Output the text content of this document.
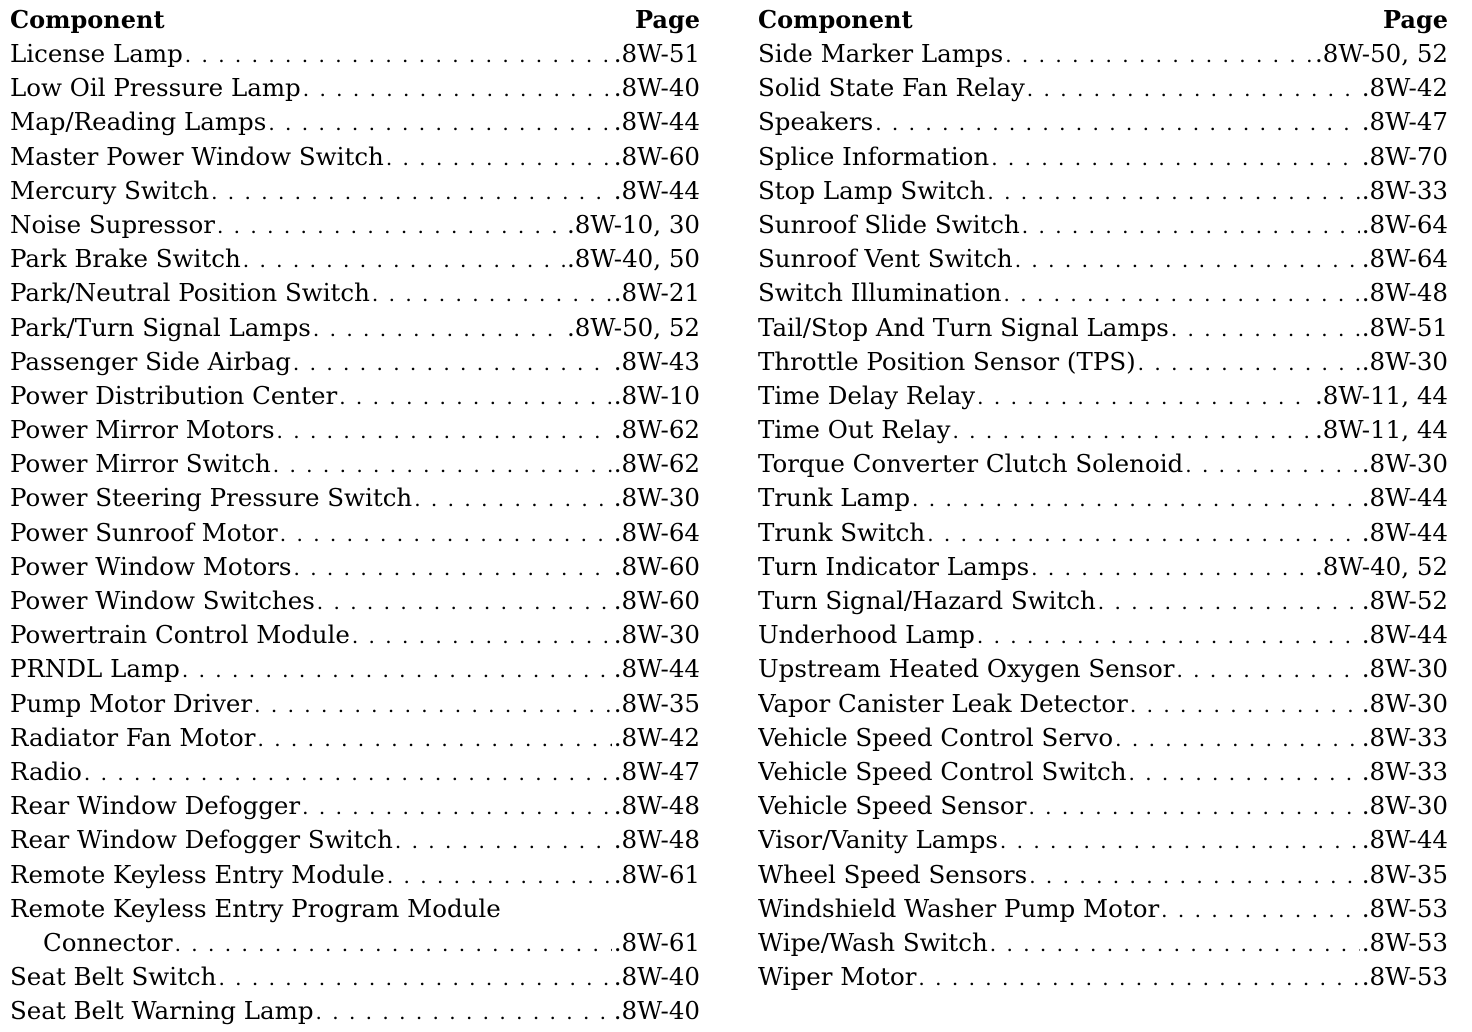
Component	Page
License Lamp . . .	.8W-51
Low Oil Pressure Lamp . . .	.8W-40
Map/Reading Lamps . . .	.8W-44
Master Power Window Switch . . .	.8W-60
Mercury Switch . . .	.8W-44
Noise Supressor . . .	.8W-10, 30
Park Brake Switch . . .	.8W-40, 50
Park/Neutral Position Switch . . .	.8W-21
Park/Turn Signal Lamps . . .	.8W-50, 52
Passenger Side Airbag . . .	.8W-43
Power Distribution Center . . .	.8W-10
Power Mirror Motors . . .	.8W-62
Power Mirror Switch . . .	.8W-62
Power Steering Pressure Switch . . .	.8W-30
Power Sunroof Motor . . .	.8W-64
Power Window Motors . . .	.8W-60
Power Window Switches . . .	.8W-60
Powertrain Control Module . . .	.8W-30
PRNDL Lamp . . .	.8W-44
Pump Motor Driver . . .	.8W-35
Radiator Fan Motor . . .	.8W-42
Radio . . .	.8W-47
Rear Window Defogger . . .	.8W-48
Rear Window Defogger Switch . . .	.8W-48
Remote Keyless Entry Module . . .	.8W-61
Remote Keyless Entry Program Module
Connector . . .	.8W-61
Seat Belt Switch . . .	.8W-40
Seat Belt Warning Lamp . . .	.8W-40
Component	Page
Side Marker Lamps . . .	.8W-50, 52
Solid State Fan Relay . . .	.8W-42
Speakers . . .	.8W-47
Splice Information . . .	.8W-70
Stop Lamp Switch . . .	.8W-33
Sunroof Slide Switch . . .	.8W-64
Sunroof Vent Switch . . .	.8W-64
Switch Illumination . . .	.8W-48
Tail/Stop And Turn Signal Lamps . . .	.8W-51
Throttle Position Sensor (TPS) . . .	.8W-30
Time Delay Relay . . .	.8W-11, 44
Time Out Relay . . .	.8W-11, 44
Torque Converter Clutch Solenoid . . .	.8W-30
Trunk Lamp . . .	.8W-44
Trunk Switch . . .	.8W-44
Turn Indicator Lamps . . .	.8W-40, 52
Turn Signal/Hazard Switch . . .	.8W-52
Underhood Lamp . . .	.8W-44
Upstream Heated Oxygen Sensor . . .	.8W-30
Vapor Canister Leak Detector . . .	.8W-30
Vehicle Speed Control Servo . . .	.8W-33
Vehicle Speed Control Switch . . .	.8W-33
Vehicle Speed Sensor . . .	.8W-30
Visor/Vanity Lamps . . .	.8W-44
Wheel Speed Sensors . . .	.8W-35
Windshield Washer Pump Motor . . .	.8W-53
Wipe/Wash Switch . . .	.8W-53
Wiper Motor . . .	.8W-53
